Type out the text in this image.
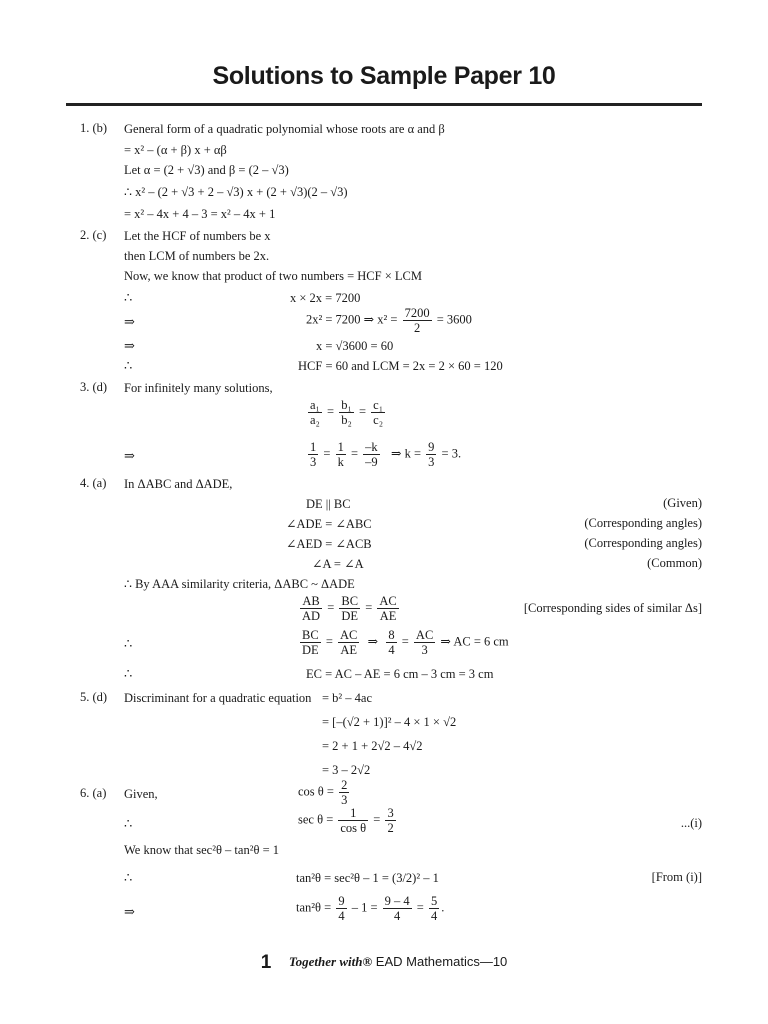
Solutions to Sample Paper 10
1. (b) General form of a quadratic polynomial whose roots are α and β
= x² – (α + β) x + αβ
Let α = (2 + √3) and β = (2 – √3)
∴ x² – (2 + √3 + 2 – √3) x + (2 + √3)(2 – √3)
= x² – 4x + 4 – 3 = x² – 4x + 1
2. (c) Let the HCF of numbers be x
then LCM of numbers be 2x.
Now, we know that product of two numbers = HCF × LCM
∴	x × 2x = 7200
⇒	2x² = 7200 ⇒ $x^2 = \frac{7200}{2} = 3600$
⇒	x = √3600 = 60
∴	HCF = 60 and LCM = 2x = 2 × 60 = 120
3. (d) For infinitely many solutions,
$\frac{\text{a₁}}{\text{a₂}} = \frac{\text{b₁}}{\text{b₂}} = \frac{\text{c₁}}{\text{c₂}}$
⇒	$\frac{1}{3} = \frac{1}{k} = \frac{-k}{-9}$ ⇒ $k = \frac{9}{3} = 3$.
4. (a) In ΔABC and ΔADE,
DE || BC	(Given)
∠ADE = ∠ABC	(Corresponding angles)
∠AED = ∠ACB	(Corresponding angles)
∠A = ∠A	(Common)
∴ By AAA similarity criteria, ΔABC ~ ΔADE
$\frac{AB}{AD} = \frac{BC}{DE} = \frac{AC}{AE}$	[Corresponding sides of similar Δs]
∴	$\frac{BC}{DE} = \frac{AC}{AE}$ ⇒ $\frac{8}{4} = \frac{AC}{3}$ ⇒ AC = 6 cm
∴	EC = AC – AE = 6 cm – 3 cm = 3 cm
5. (d) Discriminant for a quadratic equation = b² – 4ac
= [–(√2 + 1)]² – 4 × 1 × √2
= 2 + 1 + 2√2 – 4√2
= 3 – 2√2
6. (a) Given,	$\cos \theta = \frac{2}{3}$
∴	$\sec \theta = \frac{1}{\text{cos θ}} = \frac{3}{2}$	...(i)
We know that sec²θ – tan²θ = 1
∴	tan²θ = sec²θ – 1 = (3/2)² – 1	[From (i)]
⇒	$\tan^2\theta = \frac{9}{4} - 1 = \frac{9 - 4}{4} = \frac{5}{4}$ .
1 Together with® EAD Mathematics—10
